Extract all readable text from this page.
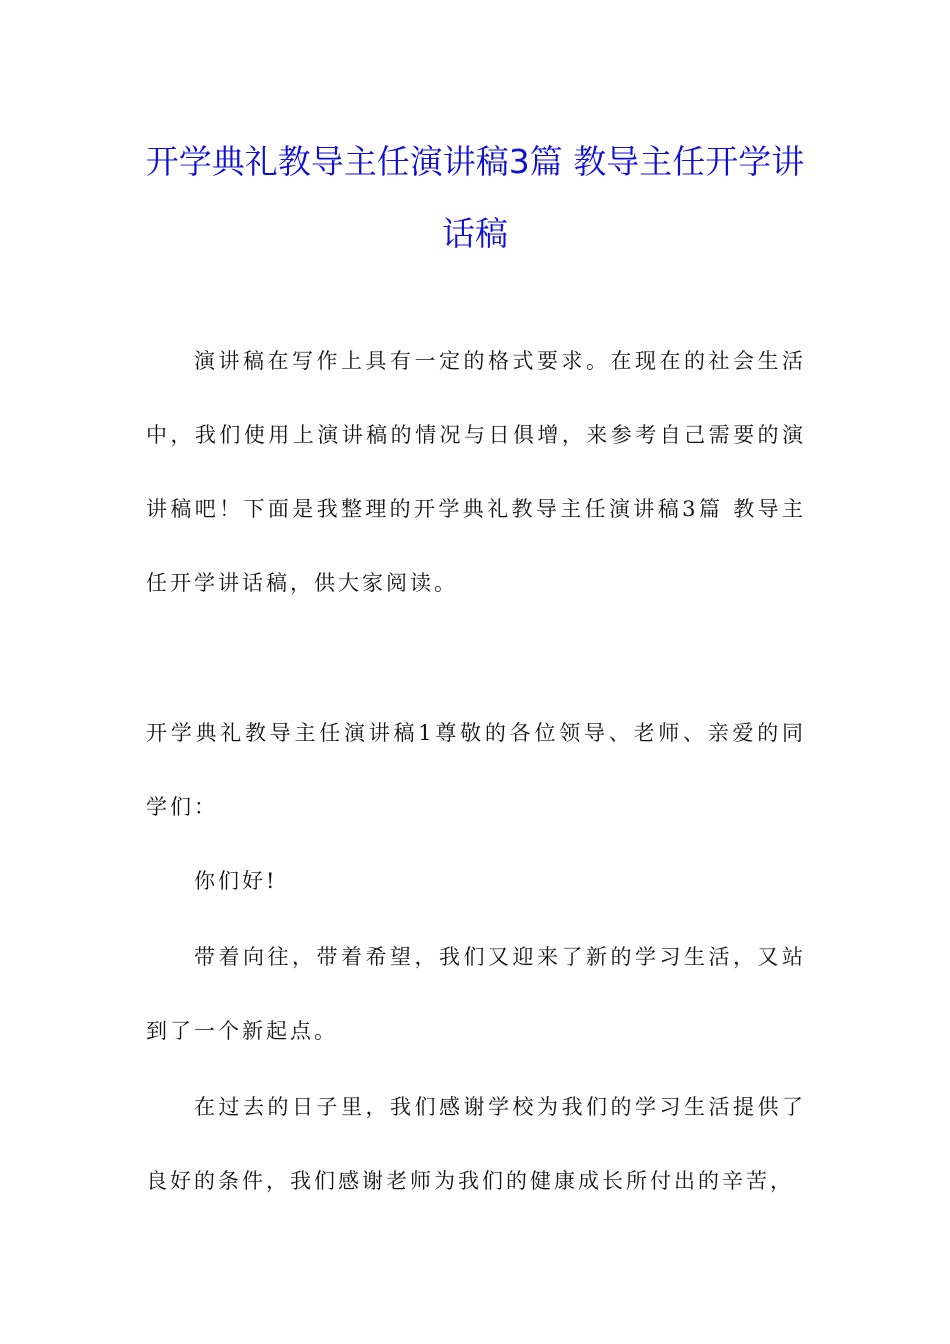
开学典礼教导主任演讲稿3篇 教导主任开学讲话稿

演讲稿在写作上具有一定的格式要求。在现在的社会生活中，我们使用上演讲稿的情况与日俱增，来参考自己需要的演讲稿吧！下面是我整理的开学典礼教导主任演讲稿3篇 教导主任开学讲话稿，供大家阅读。

开学典礼教导主任演讲稿1尊敬的各位领导、老师、亲爱的同学们：

你们好!

带着向往，带着希望，我们又迎来了新的学习生活，又站到了一个新起点。

在过去的日子里，我们感谢学校为我们的学习生活提供了良好的条件，我们感谢老师为我们的健康成长所付出的辛苦，
